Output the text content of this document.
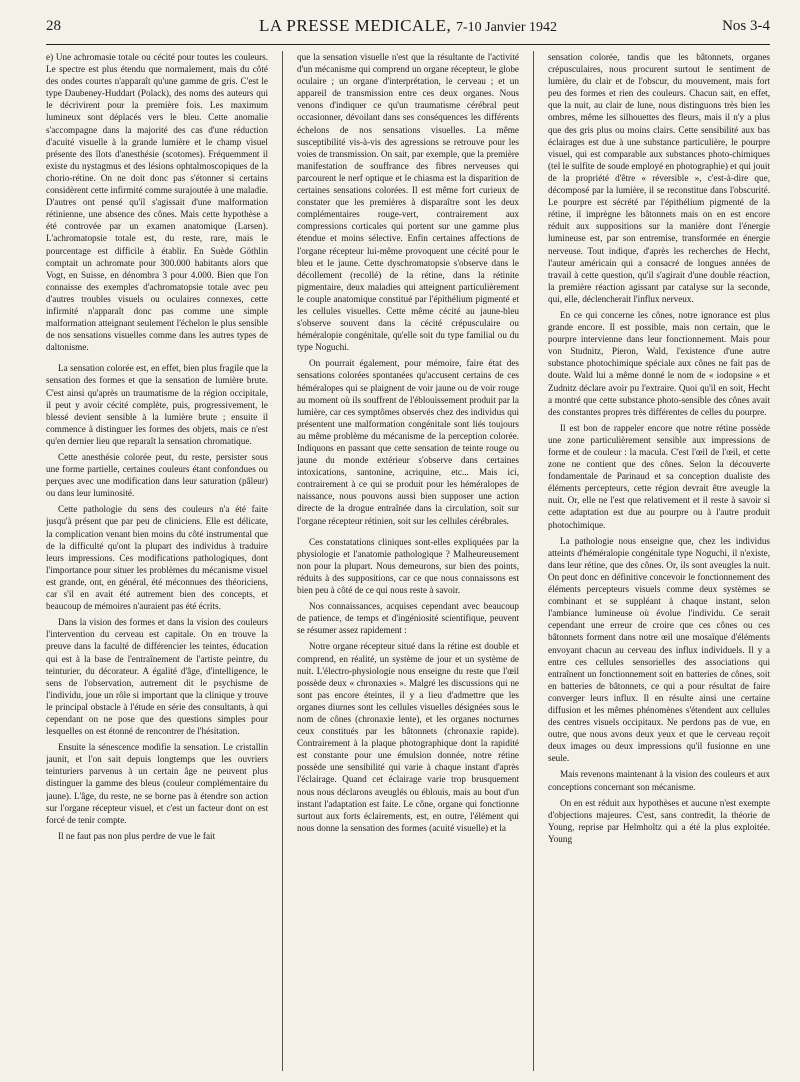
28	LA PRESSE MEDICALE, 7-10 Janvier 1942	Nos 3-4

e) Une achromasie totale ou cécité pour toutes les couleurs. Le spectre est plus étendu que normalement, mais du côté des ondes courtes n'apparaît qu'une gamme de gris. C'est le type Daubeney-Huddart (Polack), des noms des auteurs qui le décrivirent pour la première fois. Les maximum lumineux sont déplacés vers le bleu. Cette anomalie s'accompagne dans la majorité des cas d'une réduction d'acuité visuelle à la grande lumière et le champ visuel présente des îlots d'anesthésie (scotomes). Fréquemment il existe du nystagmus et des lésions ophtalmoscopiques de la chorio-rétine. On ne doit donc pas s'étonner si certains considèrent cette infirmité comme surajoutée à une maladie. D'autres ont pensé qu'il s'agissait d'une malformation rétinienne, une absence des cônes. Mais cette hypothèse a été controvée par un examen anatomique (Larsen). L'achromatopsie totale est, du reste, rare, mais le pourcentage est difficile à établir. En Suède Göthlin comptait un achromate pour 300.000 habitants alors que Vogt, en Suisse, en dénombra 3 pour 4.000. Bien que l'on connaisse des exemples d'achromatopsie totale avec peu d'autres troubles visuels ou oculaires connexes, cette infirmité n'apparaît donc pas comme une simple malformation atteignant seulement l'échelon le plus sensible de nos sensations visuelles comme dans les autres types de daltonisme.

La sensation colorée est, en effet, bien plus fragile que la sensation des formes et que la sensation de lumière brute. C'est ainsi qu'après un traumatisme de la région occipitale, il peut y avoir cécité complète, puis, progressivement, le blessé devient sensible à la lumière brute ; ensuite il commence à distinguer les formes des objets, mais ce n'est qu'en dernier lieu que reparaît la sensation chromatique.

Cette anesthésie colorée peut, du reste, persister sous une forme partielle, certaines couleurs étant confondues ou perçues avec une modification dans leur saturation (pâleur) ou dans leur luminosité.

Cette pathologie du sens des couleurs n'a été faite jusqu'à présent que par peu de cliniciens. Elle est délicate, la complication venant bien moins du côté instrumental que de la difficulté qu'ont la plupart des individus à traduire leurs impressions. Ces modifications pathologiques, dont l'importance pour situer les problèmes du mécanisme visuel est grande, ont, en général, été méconnues des théoriciens, car s'il en avait été autrement bien des concepts, et beaucoup de mémoires n'auraient pas été écrits.

Dans la vision des formes et dans la vision des couleurs l'intervention du cerveau est capitale. On en trouve la preuve dans la faculté de différencier les teintes, éducation qui est à la base de l'entraînement de l'artiste peintre, du teinturier, du décorateur. A égalité d'âge, d'intelligence, le sens de l'observation, autrement dit le psychisme de l'individu, joue un rôle si important que la clinique y trouve le principal obstacle à l'étude en série des consultants, à qui cependant on ne pose que des questions simples pour lesquelles on est étonné de rencontrer de l'hésitation.

Ensuite la sénescence modifie la sensation. Le cristallin jaunit, et l'on sait depuis longtemps que les ouvriers teinturiers parvenus à un certain âge ne peuvent plus distinguer la gamme des bleus (couleur complémentaire du jaune). L'âge, du reste, ne se borne pas à étendre son action sur l'organe récepteur visuel, et c'est un facteur dont on est forcé de tenir compte.

Il ne faut pas non plus perdre de vue le fait

que la sensation visuelle n'est que la résultante de l'activité d'un mécanisme qui comprend un organe récepteur, le globe oculaire ; un organe d'interprétation, le cerveau ; et un appareil de transmission entre ces deux organes. Nous venons d'indiquer ce qu'un traumatisme cérébral peut occasionner, dévoilant dans ses conséquences les différents échelons de nos sensations visuelles. La même susceptibilité vis-à-vis des agressions se retrouve pour les voies de transmission. On sait, par exemple, que la première manifestation de souffrance des fibres nerveuses qui parcourent le nerf optique et le chiasma est la disparition de certaines sensations colorées. Il est même fort curieux de constater que les premières à disparaître sont les deux complémentaires rouge-vert, contrairement aux compressions corticales qui portent sur une gamme plus étendue et moins sélective. Enfin certaines affections de l'organe récepteur lui-même provoquent une cécité pour le bleu et le jaune. Cette dyschromatopsie s'observe dans le décollement (recollé) de la rétine, dans la rétinite pigmentaire, deux maladies qui atteignent particulièrement le couple anatomique constitué par l'épithélium pigmenté et les cellules visuelles. Cette même cécité au jaune-bleu s'observe souvent dans la cécité crépusculaire ou héméralopie congénitale, qu'elle soit du type familial ou du type Noguchi.

On pourrait également, pour mémoire, faire état des sensations colorées spontanées qu'accusent certains de ces héméralopes qui se plaignent de voir jaune ou de voir rouge au moment où ils souffrent de l'éblouissement produit par la lumière, car ces symptômes observés chez des individus qui présentent une malformation congénitale sont liés toujours au même problème du mécanisme de la perception colorée. Indiquons en passant que cette sensation de teinte rouge ou jaune du monde extérieur s'observe dans certaines intoxications, santonine, acriquine, etc... Mais ici, contrairement à ce qui se produit pour les héméralopes de naissance, nous pouvons aussi bien supposer une action directe de la drogue entraînée dans la circulation, soit sur l'organe récepteur rétinien, soit sur les cellules cérébrales.

Ces constatations cliniques sont-elles expliquées par la physiologie et l'anatomie pathologique ? Malheureusement non pour la plupart. Nous demeurons, sur bien des points, réduits à des suppositions, car ce que nous connaissons est bien peu à côté de ce qui nous reste à savoir.

Nos connaissances, acquises cependant avec beaucoup de patience, de temps et d'ingéniosité scientifique, peuvent se résumer assez rapidement :

Notre organe récepteur situé dans la rétine est double et comprend, en réalité, un système de jour et un système de nuit. L'électro-physiologie nous enseigne du reste que l'œil possède deux « chronaxies ». Malgré les discussions qui ne sont pas encore éteintes, il y a lieu d'admettre que les organes diurnes sont les cellules visuelles désignées sous le nom de cônes (chronaxie lente), et les organes nocturnes ceux constitués par les bâtonnets (chronaxie rapide). Contrairement à la plaque photographique dont la rapidité est constante pour une émulsion donnée, notre rétine possède une sensibilité qui varie à chaque instant d'après l'éclairage. Quand cet éclairage varie trop brusquement nous nous déclarons aveuglés ou éblouis, mais au bout d'un instant l'adaptation est faite. Le cône, organe qui fonctionne surtout aux forts éclairements, est, en outre, l'élément qui nous donne la sensation des formes (acuité visuelle) et la

sensation colorée, tandis que les bâtonnets, organes crépusculaires, nous procurent surtout le sentiment de lumière, du clair et de l'obscur, du mouvement, mais fort peu des formes et rien des couleurs. Chacun sait, en effet, que la nuit, au clair de lune, nous distinguons très bien les ombres, même les silhouettes des fleurs, mais il n'y a plus que des gris plus ou moins clairs. Cette sensibilité aux bas éclairages est due à une substance particulière, le pourpre visuel, qui est comparable aux substances photo-chimiques (tel le sulfite de soude employé en photographie) et qui jouit de la propriété d'être « réversible », c'est-à-dire que, décomposé par la lumière, il se reconstitue dans l'obscurité. Le pourpre est sécrété par l'épithélium pigmenté de la rétine, il imprègne les bâtonnets mais on en est encore réduit aux suppositions sur la manière dont l'énergie lumineuse est, par son entremise, transformée en énergie nerveuse. Tout indique, d'après les recherches de Hecht, l'auteur américain qui a consacré de longues années de travail à cette question, qu'il s'agirait d'une double réaction, la première réaction agissant par catalyse sur la seconde, qui, elle, déclencherait l'influx nerveux.

En ce qui concerne les cônes, notre ignorance est plus grande encore. Il est possible, mais non certain, que le pourpre intervienne dans leur fonctionnement. Mais pour von Studnitz, Pieron, Wald, l'existence d'une autre substance photochimique spéciale aux cônes ne fait pas de doute. Wald lui a même donné le nom de « iodopsine » et Zudnitz déclare avoir pu l'extraire. Quoi qu'il en soit, Hecht a montré que cette substance photo-sensible des cônes avait des constantes propres très différentes de celles du pourpre.

Il est bon de rappeler encore que notre rétine possède une zone particulièrement sensible aux impressions de forme et de couleur : la macula. C'est l'œil de l'œil, et cette zone ne contient que des cônes. Selon la découverte fondamentale de Parinaud et sa conception dualiste des éléments percepteurs, cette région devrait être aveugle la nuit. Or, elle ne l'est que relativement et il reste à savoir si cette adaptation est due au pourpre ou à l'autre produit photochimique.

La pathologie nous enseigne que, chez les individus atteints d'héméralopie congénitale type Noguchi, il n'existe, dans leur rétine, que des cônes. Or, ils sont aveugles la nuit. On peut donc en définitive concevoir le fonctionnement des éléments percepteurs visuels comme deux systèmes se combinant et se suppléant à chaque instant, selon l'ambiance lumineuse où évolue l'individu. Ce serait cependant une erreur de croire que ces cônes ou ces bâtonnets forment dans notre œil une mosaïque d'éléments envoyant chacun au cerveau des influx individuels. Il y a entre ces cellules sensorielles des associations qui entraînent un fonctionnement soit en batteries de cônes, soit en batteries de bâtonnets, ce qui a pour résultat de faire converger leurs influx. Il en résulte ainsi une certaine diffusion et les mêmes phénomènes s'étendent aux cellules des centres visuels occipitaux. Ne perdons pas de vue, en outre, que nous avons deux yeux et que le cerveau reçoit deux images ou deux impressions qu'il fusionne en une seule.

Mais revenons maintenant à la vision des couleurs et aux conceptions concernant son mécanisme.

On en est réduit aux hypothèses et aucune n'est exempte d'objections majeures. C'est, sans contredit, la théorie de Young, reprise par Helmholtz qui a été la plus exploitée. Young
